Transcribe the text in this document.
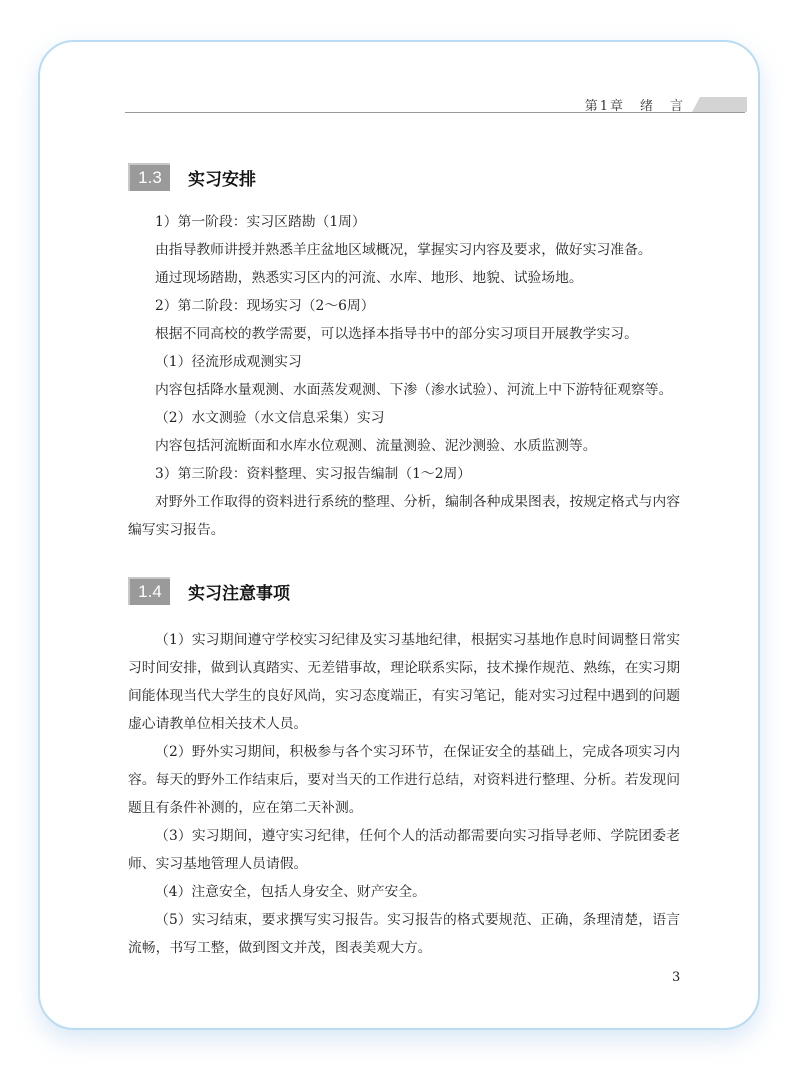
第1章　绪　言
1.3	实习安排

1）第一阶段：实习区踏勘（1周）

由指导教师讲授并熟悉羊庄盆地区域概况，掌握实习内容及要求，做好实习准备。

通过现场踏勘，熟悉实习区内的河流、水库、地形、地貌、试验场地。

2）第二阶段：现场实习（2～6周）

根据不同高校的教学需要，可以选择本指导书中的部分实习项目开展教学实习。

（1）径流形成观测实习

内容包括降水量观测、水面蒸发观测、下渗（渗水试验）、河流上中下游特征观察等。

（2）水文测验（水文信息采集）实习

内容包括河流断面和水库水位观测、流量测验、泥沙测验、水质监测等。

3）第三阶段：资料整理、实习报告编制（1～2周）

对野外工作取得的资料进行系统的整理、分析，编制各种成果图表，按规定格式与内容编写实习报告。

1.4	实习注意事项

（1）实习期间遵守学校实习纪律及实习基地纪律，根据实习基地作息时间调整日常实习时间安排，做到认真踏实、无差错事故，理论联系实际，技术操作规范、熟练，在实习期间能体现当代大学生的良好风尚，实习态度端正，有实习笔记，能对实习过程中遇到的问题虚心请教单位相关技术人员。

（2）野外实习期间，积极参与各个实习环节，在保证安全的基础上，完成各项实习内容。每天的野外工作结束后，要对当天的工作进行总结，对资料进行整理、分析。若发现问题且有条件补测的，应在第二天补测。

（3）实习期间，遵守实习纪律，任何个人的活动都需要向实习指导老师、学院团委老师、实习基地管理人员请假。

（4）注意安全，包括人身安全、财产安全。

（5）实习结束，要求撰写实习报告。实习报告的格式要规范、正确，条理清楚，语言流畅，书写工整，做到图文并茂，图表美观大方。

3
